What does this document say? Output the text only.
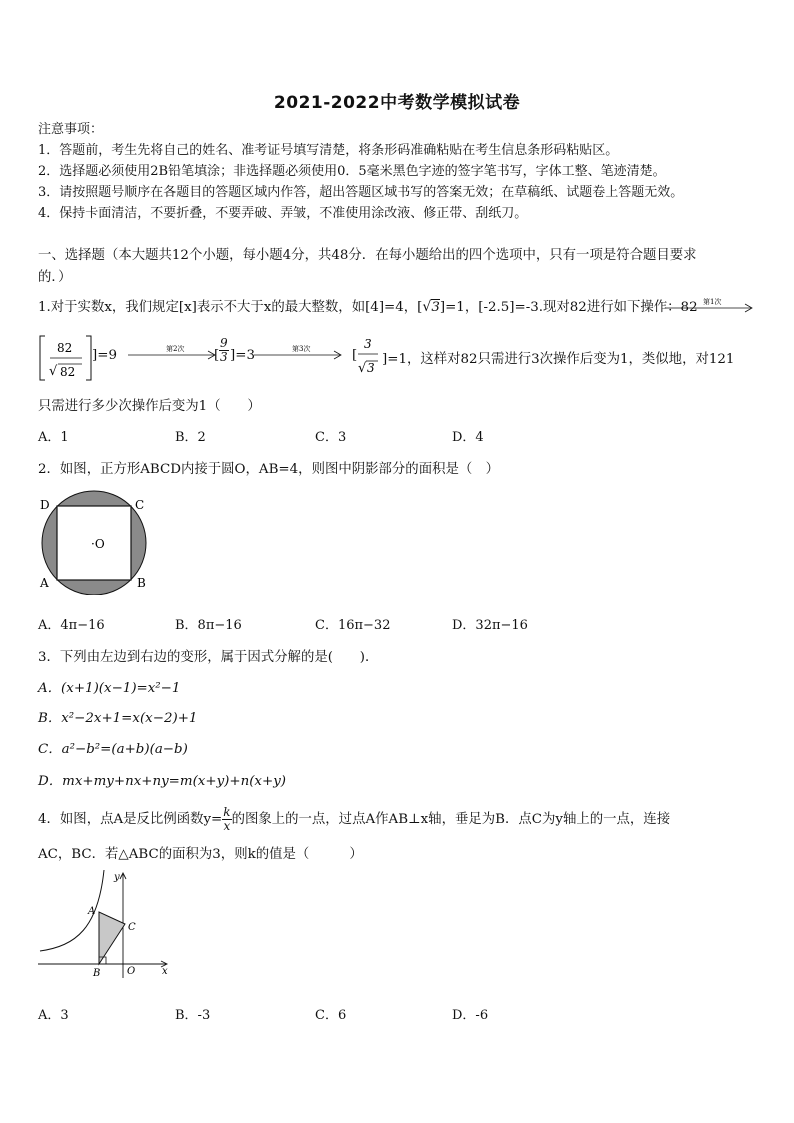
2021-2022中考数学模拟试卷
注意事项：
1．答题前，考生先将自己的姓名、准考证号填写清楚，将条形码准确粘贴在考生信息条形码粘贴区。
2．选择题必须使用2B铅笔填涂；非选择题必须使用0．5毫米黑色字迹的签字笔书写，字体工整、笔迹清楚。
3．请按照题号顺序在各题目的答题区域内作答，超出答题区域书写的答案无效；在草稿纸、试题卷上答题无效。
4．保持卡面清洁，不要折叠，不要弄破、弄皱，不准使用涂改液、修正带、刮纸刀。
一、选择题（本大题共12个小题，每小题4分，共48分．在每小题给出的四个选项中，只有一项是符合题目要求
的．）
1.对于实数x，我们规定[x]表示不大于x的最大整数，如[4]=4，[√3]=1，[-2.5]=-3.现对82进行如下操作：82 第1次
82
√ 82
]=9	第2次 [ $\frac{9}{3} ]=3$	第3次	[
3
√ 3
]=1，这样对82只需进行3次操作后变为1，类似地，对121
只需进行多少次操作后变为1（　　）
A．1	B．2	C．3	D．4
2．如图，正方形ABCD内接于圆O，AB=4，则图中阴影部分的面积是（　）
D	C
A	B
·O
A．4π−16	B．8π−16	C．16π−32	D．32π−16
3．下列由左边到右边的变形，属于因式分解的是(　　)．
A．(x+1)(x−1)=x²−1
B．x²−2x+1=x(x−2)+1
C．a²−b²=(a+b)(a−b)
D．mx+my+nx+ny=m(x+y)+n(x+y)
4．如图，点A是反比例函数$y= \frac{k}{x}$ 的图象上的一点，过点A作AB⊥x轴，垂足为B．点C为y轴上的一点，连接
AC，BC．若△ABC的面积为3，则k的值是（　　　）
A
B
C
O	x
y
A．3	B．-3	C．6	D．-6
